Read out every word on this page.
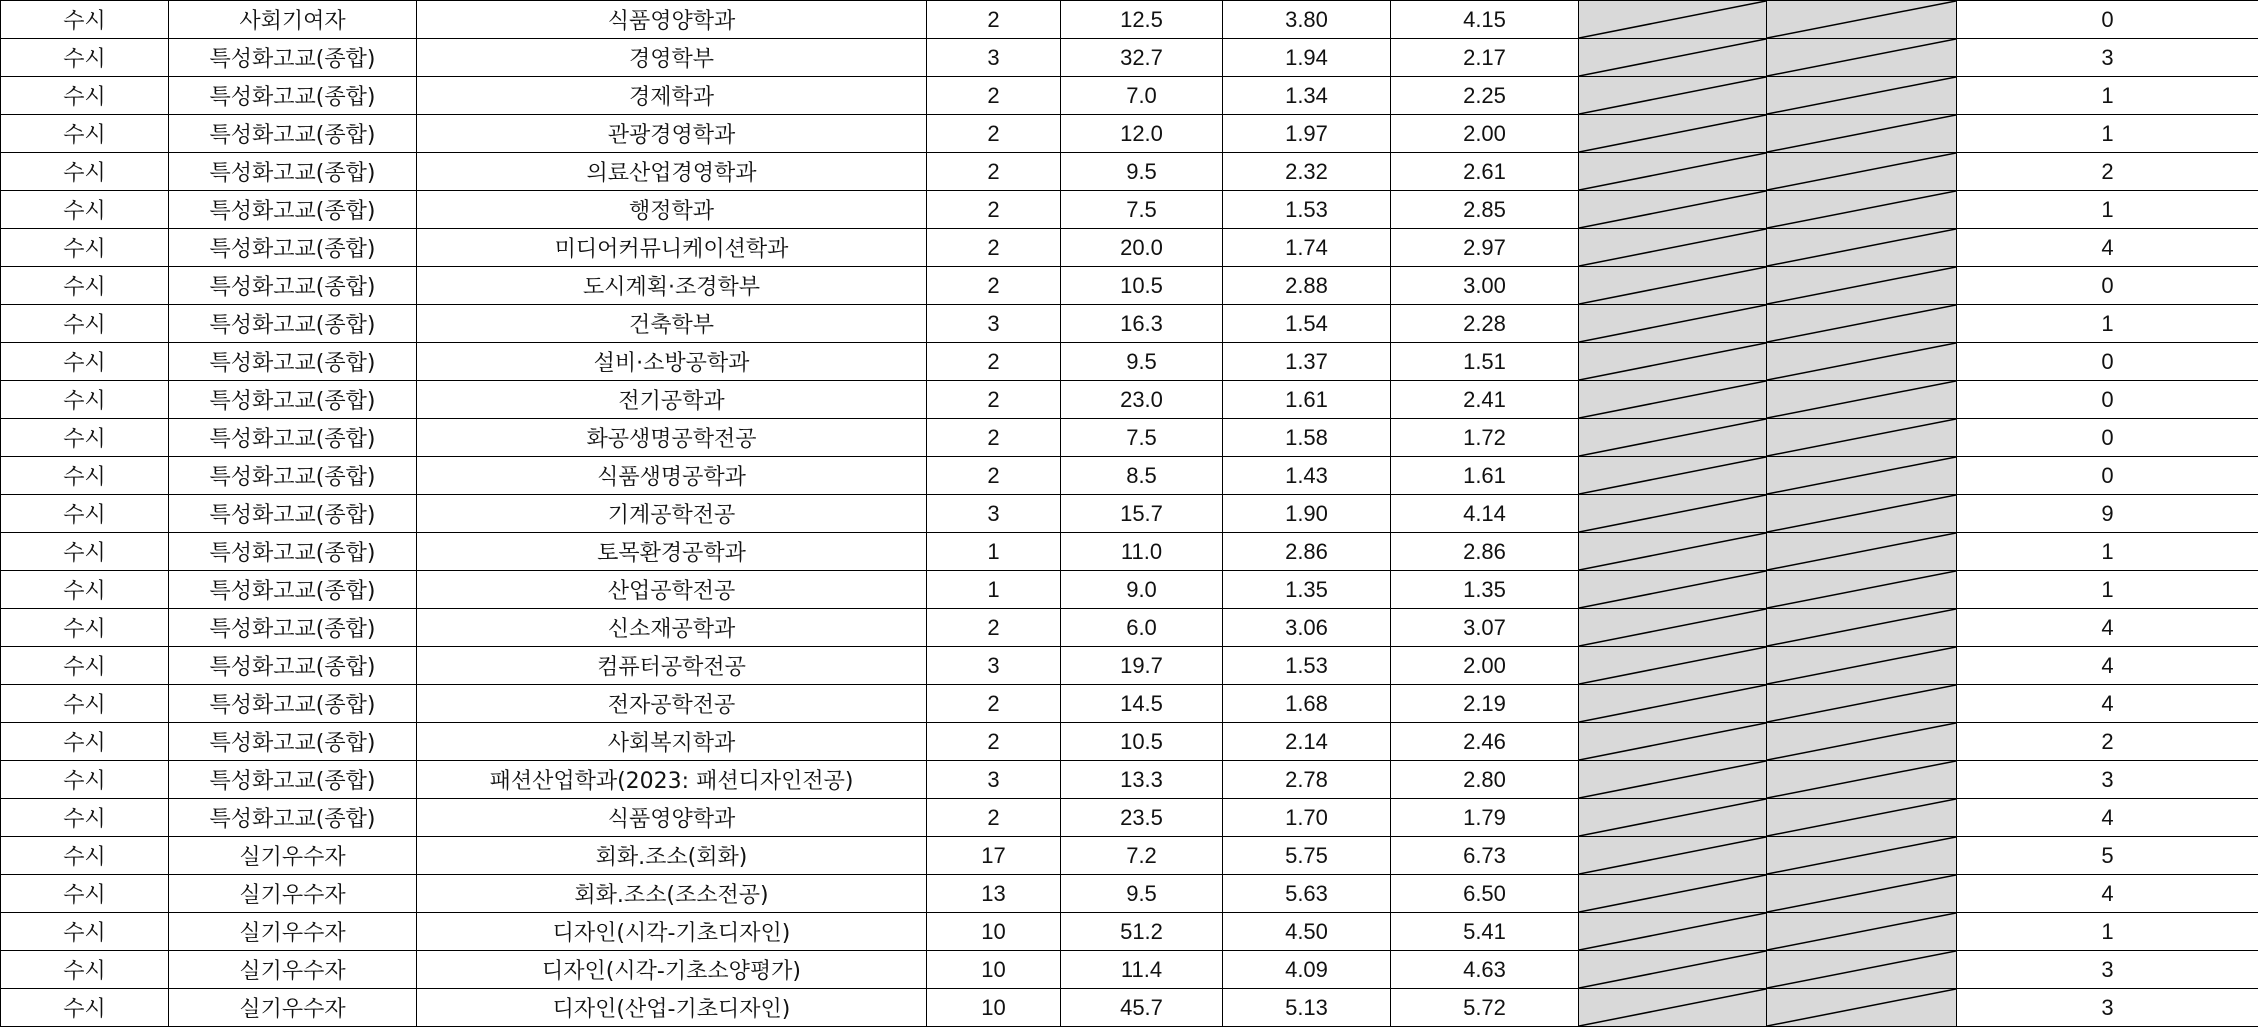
수시	사회기여자	식품영양학과	2	12.5	3.80	4.15			0
수시	특성화고교(종합)	경영학부	3	32.7	1.94	2.17			3
수시	특성화고교(종합)	경제학과	2	7.0	1.34	2.25			1
수시	특성화고교(종합)	관광경영학과	2	12.0	1.97	2.00			1
수시	특성화고교(종합)	의료산업경영학과	2	9.5	2.32	2.61			2
수시	특성화고교(종합)	행정학과	2	7.5	1.53	2.85			1
수시	특성화고교(종합)	미디어커뮤니케이션학과	2	20.0	1.74	2.97			4
수시	특성화고교(종합)	도시계획·조경학부	2	10.5	2.88	3.00			0
수시	특성화고교(종합)	건축학부	3	16.3	1.54	2.28			1
수시	특성화고교(종합)	설비·소방공학과	2	9.5	1.37	1.51			0
수시	특성화고교(종합)	전기공학과	2	23.0	1.61	2.41			0
수시	특성화고교(종합)	화공생명공학전공	2	7.5	1.58	1.72			0
수시	특성화고교(종합)	식품생명공학과	2	8.5	1.43	1.61			0
수시	특성화고교(종합)	기계공학전공	3	15.7	1.90	4.14			9
수시	특성화고교(종합)	토목환경공학과	1	11.0	2.86	2.86			1
수시	특성화고교(종합)	산업공학전공	1	9.0	1.35	1.35			1
수시	특성화고교(종합)	신소재공학과	2	6.0	3.06	3.07			4
수시	특성화고교(종합)	컴퓨터공학전공	3	19.7	1.53	2.00			4
수시	특성화고교(종합)	전자공학전공	2	14.5	1.68	2.19			4
수시	특성화고교(종합)	사회복지학과	2	10.5	2.14	2.46			2
수시	특성화고교(종합)	패션산업학과(2023: 패션디자인전공)	3	13.3	2.78	2.80			3
수시	특성화고교(종합)	식품영양학과	2	23.5	1.70	1.79			4
수시	실기우수자	회화.조소(회화)	17	7.2	5.75	6.73			5
수시	실기우수자	회화.조소(조소전공)	13	9.5	5.63	6.50			4
수시	실기우수자	디자인(시각-기초디자인)	10	51.2	4.50	5.41			1
수시	실기우수자	디자인(시각-기초소양평가)	10	11.4	4.09	4.63			3
수시	실기우수자	디자인(산업-기초디자인)	10	45.7	5.13	5.72			3
